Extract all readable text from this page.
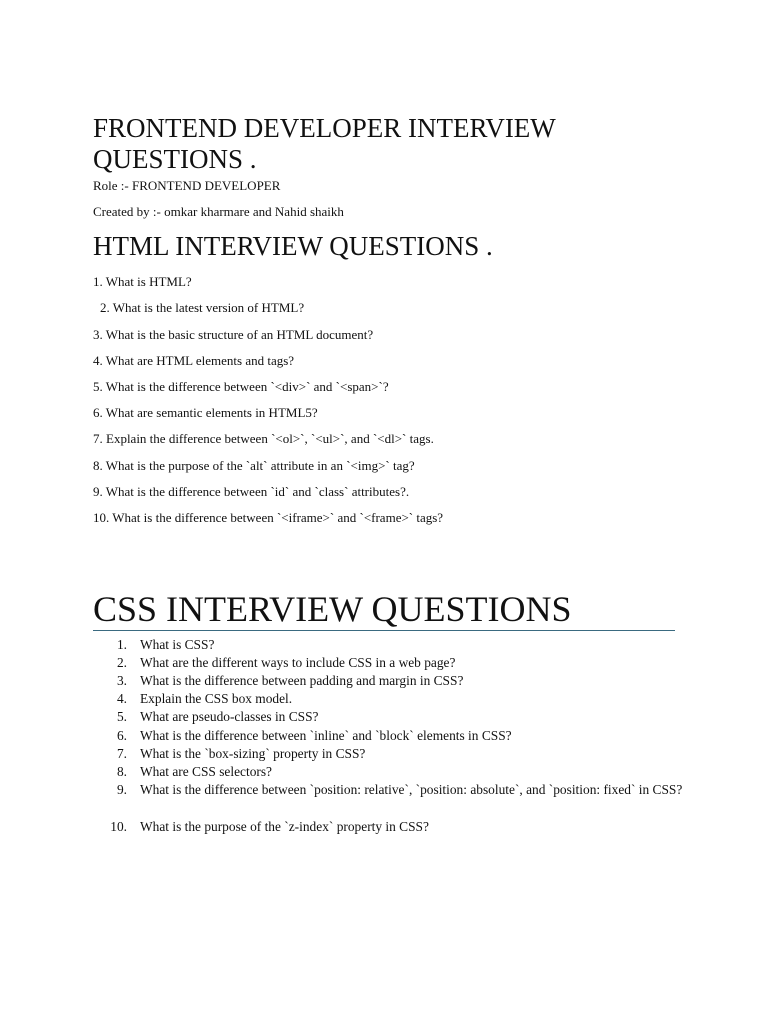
FRONTEND DEVELOPER INTERVIEW
QUESTIONS .
Role :- FRONTEND DEVELOPER
Created by :- omkar kharmare and Nahid shaikh
HTML INTERVIEW QUESTIONS .
1. What is HTML?
2. What is the latest version of HTML?
3. What is the basic structure of an HTML document?
4. What are HTML elements and tags?
5. What is the difference between `<div>` and `<span>`?
6. What are semantic elements in HTML5?
7. Explain the difference between `<ol>`, `<ul>`, and `<dl>` tags.
8. What is the purpose of the `alt` attribute in an `<img>` tag?
9. What is the difference between `id` and `class` attributes?.
10. What is the difference between `<iframe>` and `<frame>` tags?
CSS INTERVIEW QUESTIONS
1. What is CSS?
2. What are the different ways to include CSS in a web page?
3. What is the difference between padding and margin in CSS?
4. Explain the CSS box model.
5. What are pseudo-classes in CSS?
6. What is the difference between `inline` and `block` elements in CSS?
7. What is the `box-sizing` property in CSS?
8. What are CSS selectors?
9. What is the difference between `position: relative`, `position: absolute`, and `position: fixed` in CSS?
10. What is the purpose of the `z-index` property in CSS?
